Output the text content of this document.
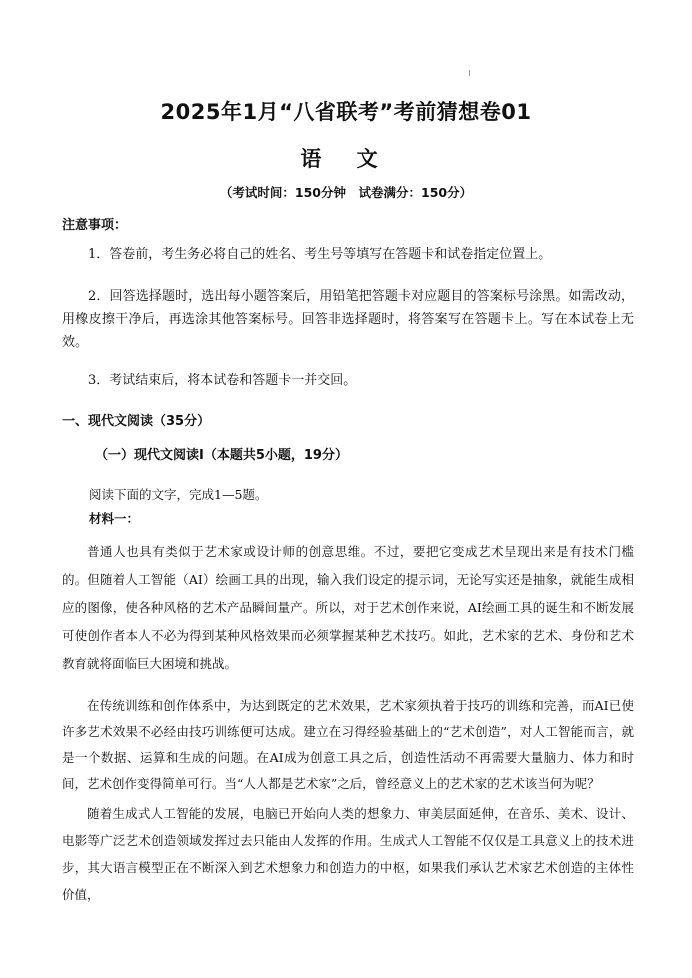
2025年1月“八省联考”考前猜想卷01
语 文
（考试时间：150分钟　试卷满分：150分）
注意事项：
1．答卷前，考生务必将自己的姓名、考生号等填写在答题卡和试卷指定位置上。
2．回答选择题时，选出每小题答案后，用铅笔把答题卡对应题目的答案标号涂黑。如需改动，用橡皮擦干净后，再选涂其他答案标号。回答非选择题时，将答案写在答题卡上。写在本试卷上无效。
3．考试结束后，将本试卷和答题卡一并交回。
一、现代文阅读（35分）
（一）现代文阅读Ⅰ（本题共5小题，19分）
阅读下面的文字，完成1—5题。
材料一：
普通人也具有类似于艺术家或设计师的创意思维。不过，要把它变成艺术呈现出来是有技术门槛的。但随着人工智能（AI）绘画工具的出现，输入我们设定的提示词，无论写实还是抽象，就能生成相应的图像，使各种风格的艺术产品瞬间量产。所以，对于艺术创作来说，AI绘画工具的诞生和不断发展可使创作者本人不必为得到某种风格效果而必须掌握某种艺术技巧。如此，艺术家的艺术、身份和艺术教育就将面临巨大困境和挑战。
在传统训练和创作体系中，为达到既定的艺术效果，艺术家须执着于技巧的训练和完善，而AI已使许多艺术效果不必经由技巧训练便可达成。建立在习得经验基础上的“艺术创造”，对人工智能而言，就是一个数据、运算和生成的问题。在AI成为创意工具之后，创造性活动不再需要大量脑力、体力和时间，艺术创作变得简单可行。当“人人都是艺术家”之后，曾经意义上的艺术家的艺术该当何为呢？
随着生成式人工智能的发展，电脑已开始向人类的想象力、审美层面延伸，在音乐、美术、设计、电影等广泛艺术创造领域发挥过去只能由人发挥的作用。生成式人工智能不仅仅是工具意义上的技术进步，其大语言模型正在不断深入到艺术想象力和创造力的中枢，如果我们承认艺术家艺术创造的主体性价值，
